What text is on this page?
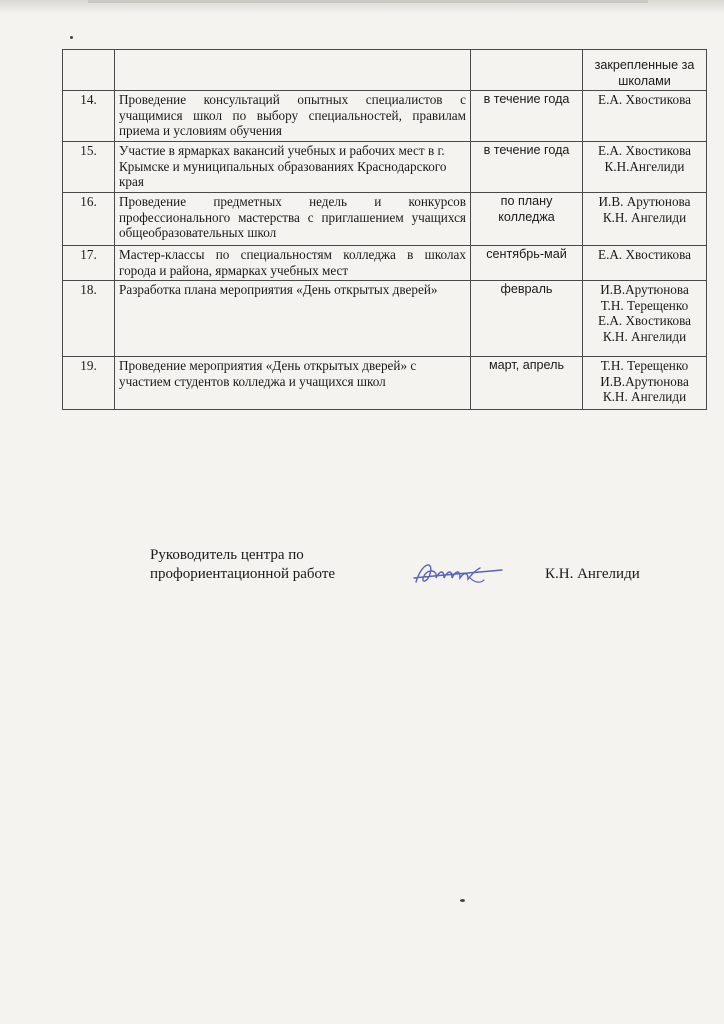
			закрепленные за
школами

14.	Проведение консультаций опытных специалистов с учащимися школ по выбору специальностей, правилам приема и условиям обучения	в течение года	Е.А. Хвостикова

15.	Участие в ярмарках вакансий учебных и рабочих мест в г. Крымске и муниципальных образованиях Краснодарского края	в течение года	Е.А. Хвостикова
К.Н.Ангелиди

16.	Проведение предметных недель и конкурсов профессионального мастерства с приглашением учащихся общеобразовательных школ	по плану колледжа	И.В. Арутюнова
К.Н. Ангелиди

17.	Мастер-классы по специальностям колледжа в школах города и района, ярмарках учебных мест	сентябрь-май	Е.А. Хвостикова

18.	Разработка плана мероприятия «День открытых дверей»	февраль	И.В.Арутюнова
Т.Н. Терещенко
Е.А. Хвостикова
К.Н. Ангелиди

19.	Проведение мероприятия «День открытых дверей» с участием студентов колледжа и учащихся школ	март, апрель	Т.Н. Терещенко
И.В.Арутюнова
К.Н. Ангелиди
Руководитель центра по
профориентационной работе	К.Н. Ангелиди
